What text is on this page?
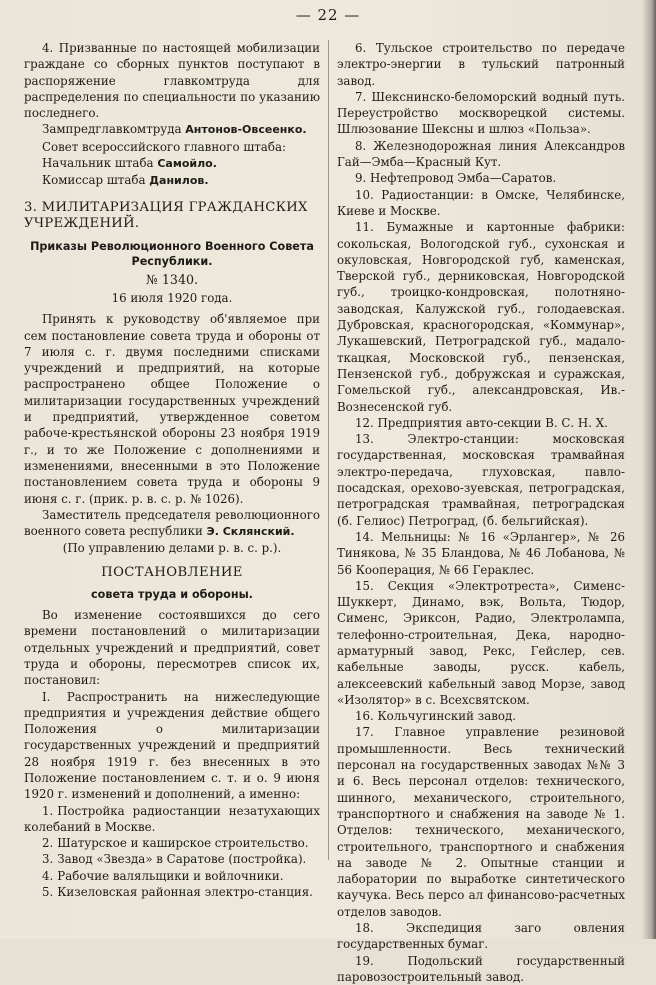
— 22 —

4. Призванные по настоящей мобилизации граждане со сборных пунктов поступают в распоряжение главкомтруда для распределения по специальности по указанию последнего.

Зампредглавкомтруда Антонов-Овсеенко.

Совет всероссийского главного штаба:

Начальник штаба Самойло.

Комиссар штаба Данилов.

3. МИЛИТАРИЗАЦИЯ ГРАЖДАНСКИХ УЧРЕЖДЕНИЙ.

Приказы Революционного Военного Совета Республики.

№ 1340.

16 июля 1920 года.

Принять к руководству об'являемое при сем постановление совета труда и обороны от 7 июля с. г. двумя последними списками учреждений и предприятий, на которые распространено общее Положение о милитаризации государственных учреждений и предприятий, утвержденное советом рабоче-крестьянской обороны 23 ноября 1919 г., и то же Положение с дополнениями и изменениями, внесенными в это Положение постановлением совета труда и обороны 9 июня с. г. (прик. р. в. с. р. № 1026).

Заместитель председателя революционного военного совета республики Э. Склянский.

(По управлению делами р. в. с. р.).

ПОСТАНОВЛЕНИЕ

совета труда и обороны.

Во изменение состоявшихся до сего времени постановлений о милитаризации отдельных учреждений и предприятий, совет труда и обороны, пересмотрев список их, постановил:

I. Распространить на нижеследующие предприятия и учреждения действие общего Положения о милитаризации государственных учреждений и предприятий 28 ноября 1919 г. без внесенных в это Положение постановлением с. т. и о. 9 июня 1920 г. изменений и дополнений, а именно:

1. Постройка радиостанции незатухающих колебаний в Москве.
2. Шатурское и каширское строительство.
3. Завод «Звезда» в Саратове (постройка).
4. Рабочие валяльщики и войлочники.
5. Кизеловская районная электро-станция.

6. Тульское строительство по передаче электро-энергии в тульский патронный завод.

7. Шекснинско-беломорский водный путь. Переустройство москворецкой системы. Шлюзование Шексны и шлюз «Польза».

8. Железнодорожная линия Александров Гай—Эмба—Красный Кут.

9. Нефтепровод Эмба—Саратов.

10. Радиостанции: в Омске, Челябинске, Киеве и Москве.

11. Бумажные и картонные фабрики: сокольская, Вологодской губ., сухонская и окуловская, Новгородской губ, каменская, Тверской губ., дерниковская, Новгородской губ., троицко-кондровская, полотняно-заводская, Калужской губ., голодаевская. Дубровская, красногородская, «Коммунар», Лукашевский, Петроградской губ., мадало-ткацкая, Московской губ., пензенская, Пензенской губ., добружская и суражская, Гомельской губ., александровская, Ив.-Вознесенской губ.

12. Предприятия авто-секции В. С. Н. Х.

13. Электро-станции: московская государственная, московская трамвайная электро-передача, глуховская, павло-посадская, орехово-зуевская, петроградская, петроградская трамвайная, петроградская (б. Гелиос) Петроград, (б. бельгийская).

14. Мельницы: № 16 «Эрлангер», № 26 Тинякова, № 35 Бландова, № 46 Лобанова, № 56 Кооперация, № 66 Гераклес.

15. Секция «Электротреста», Сименс-Шуккерт, Динамо, вэк, Вольта, Тюдор, Сименс, Эриксон, Радио, Электролампа, телефонно-строительная, Дека, народно-арматурный завод, Рекс, Гейслер, сев. кабельные заводы, русск. кабель, алексеевский кабельный завод Морзе, завод «Изолятор» в с. Всехсвятском.

16. Кольчугинский завод.

17. Главное управление резиновой промышленности. Весь технический персонал на государственных заводах №№ 3 и 6. Весь персонал отделов: технического, шинного, механического, строительного, транспортного и снабжения на заводе № 1. Отделов: технического, механического, строительного, транспортного и снабжения на заводе № 2. Опытные станции и лаборатории по выработке синтетического каучука. Весь персо ал финансово-расчетных отделов заводов.

18. Экспедиция заго овления государственных бумаг.

19. Подольский государственный паровозостроительный завод.
